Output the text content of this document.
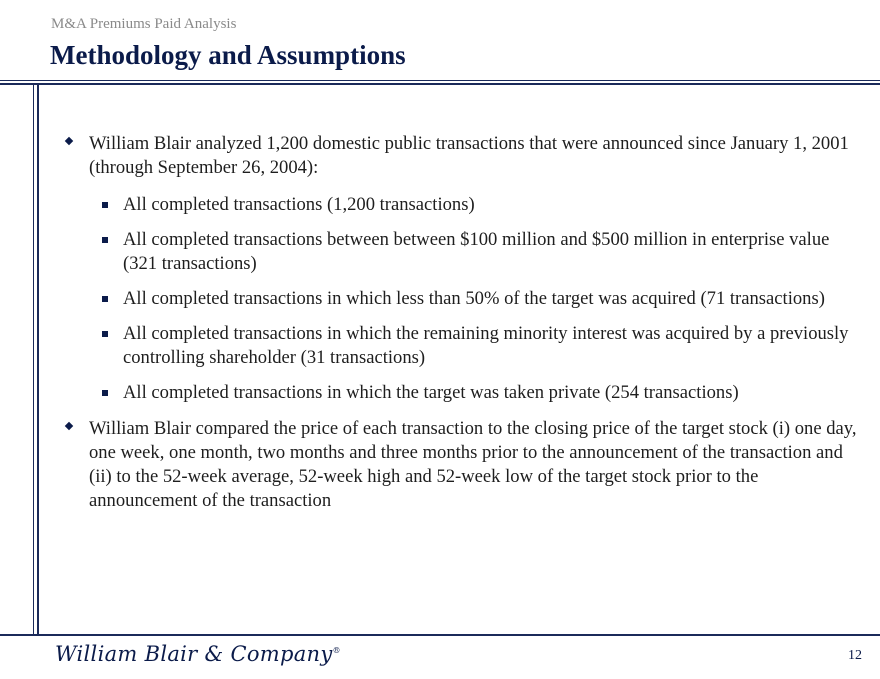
M&A Premiums Paid Analysis
Methodology and Assumptions
William Blair analyzed 1,200 domestic public transactions that were announced since January 1, 2001 (through September 26, 2004):
All completed transactions (1,200 transactions)
All completed transactions between between $100 million and $500 million in enterprise value (321 transactions)
All completed transactions in which less than 50% of the target was acquired (71 transactions)
All completed transactions in which the remaining minority interest was acquired by a previously controlling shareholder (31 transactions)
All completed transactions in which the target was taken private (254 transactions)
William Blair compared the price of each transaction to the closing price of the target stock (i) one day, one week, one month, two months and three months prior to the announcement of the transaction and (ii) to the 52-week average, 52-week high and 52-week low of the target stock prior to the announcement of the transaction
William Blair & Company®	12
